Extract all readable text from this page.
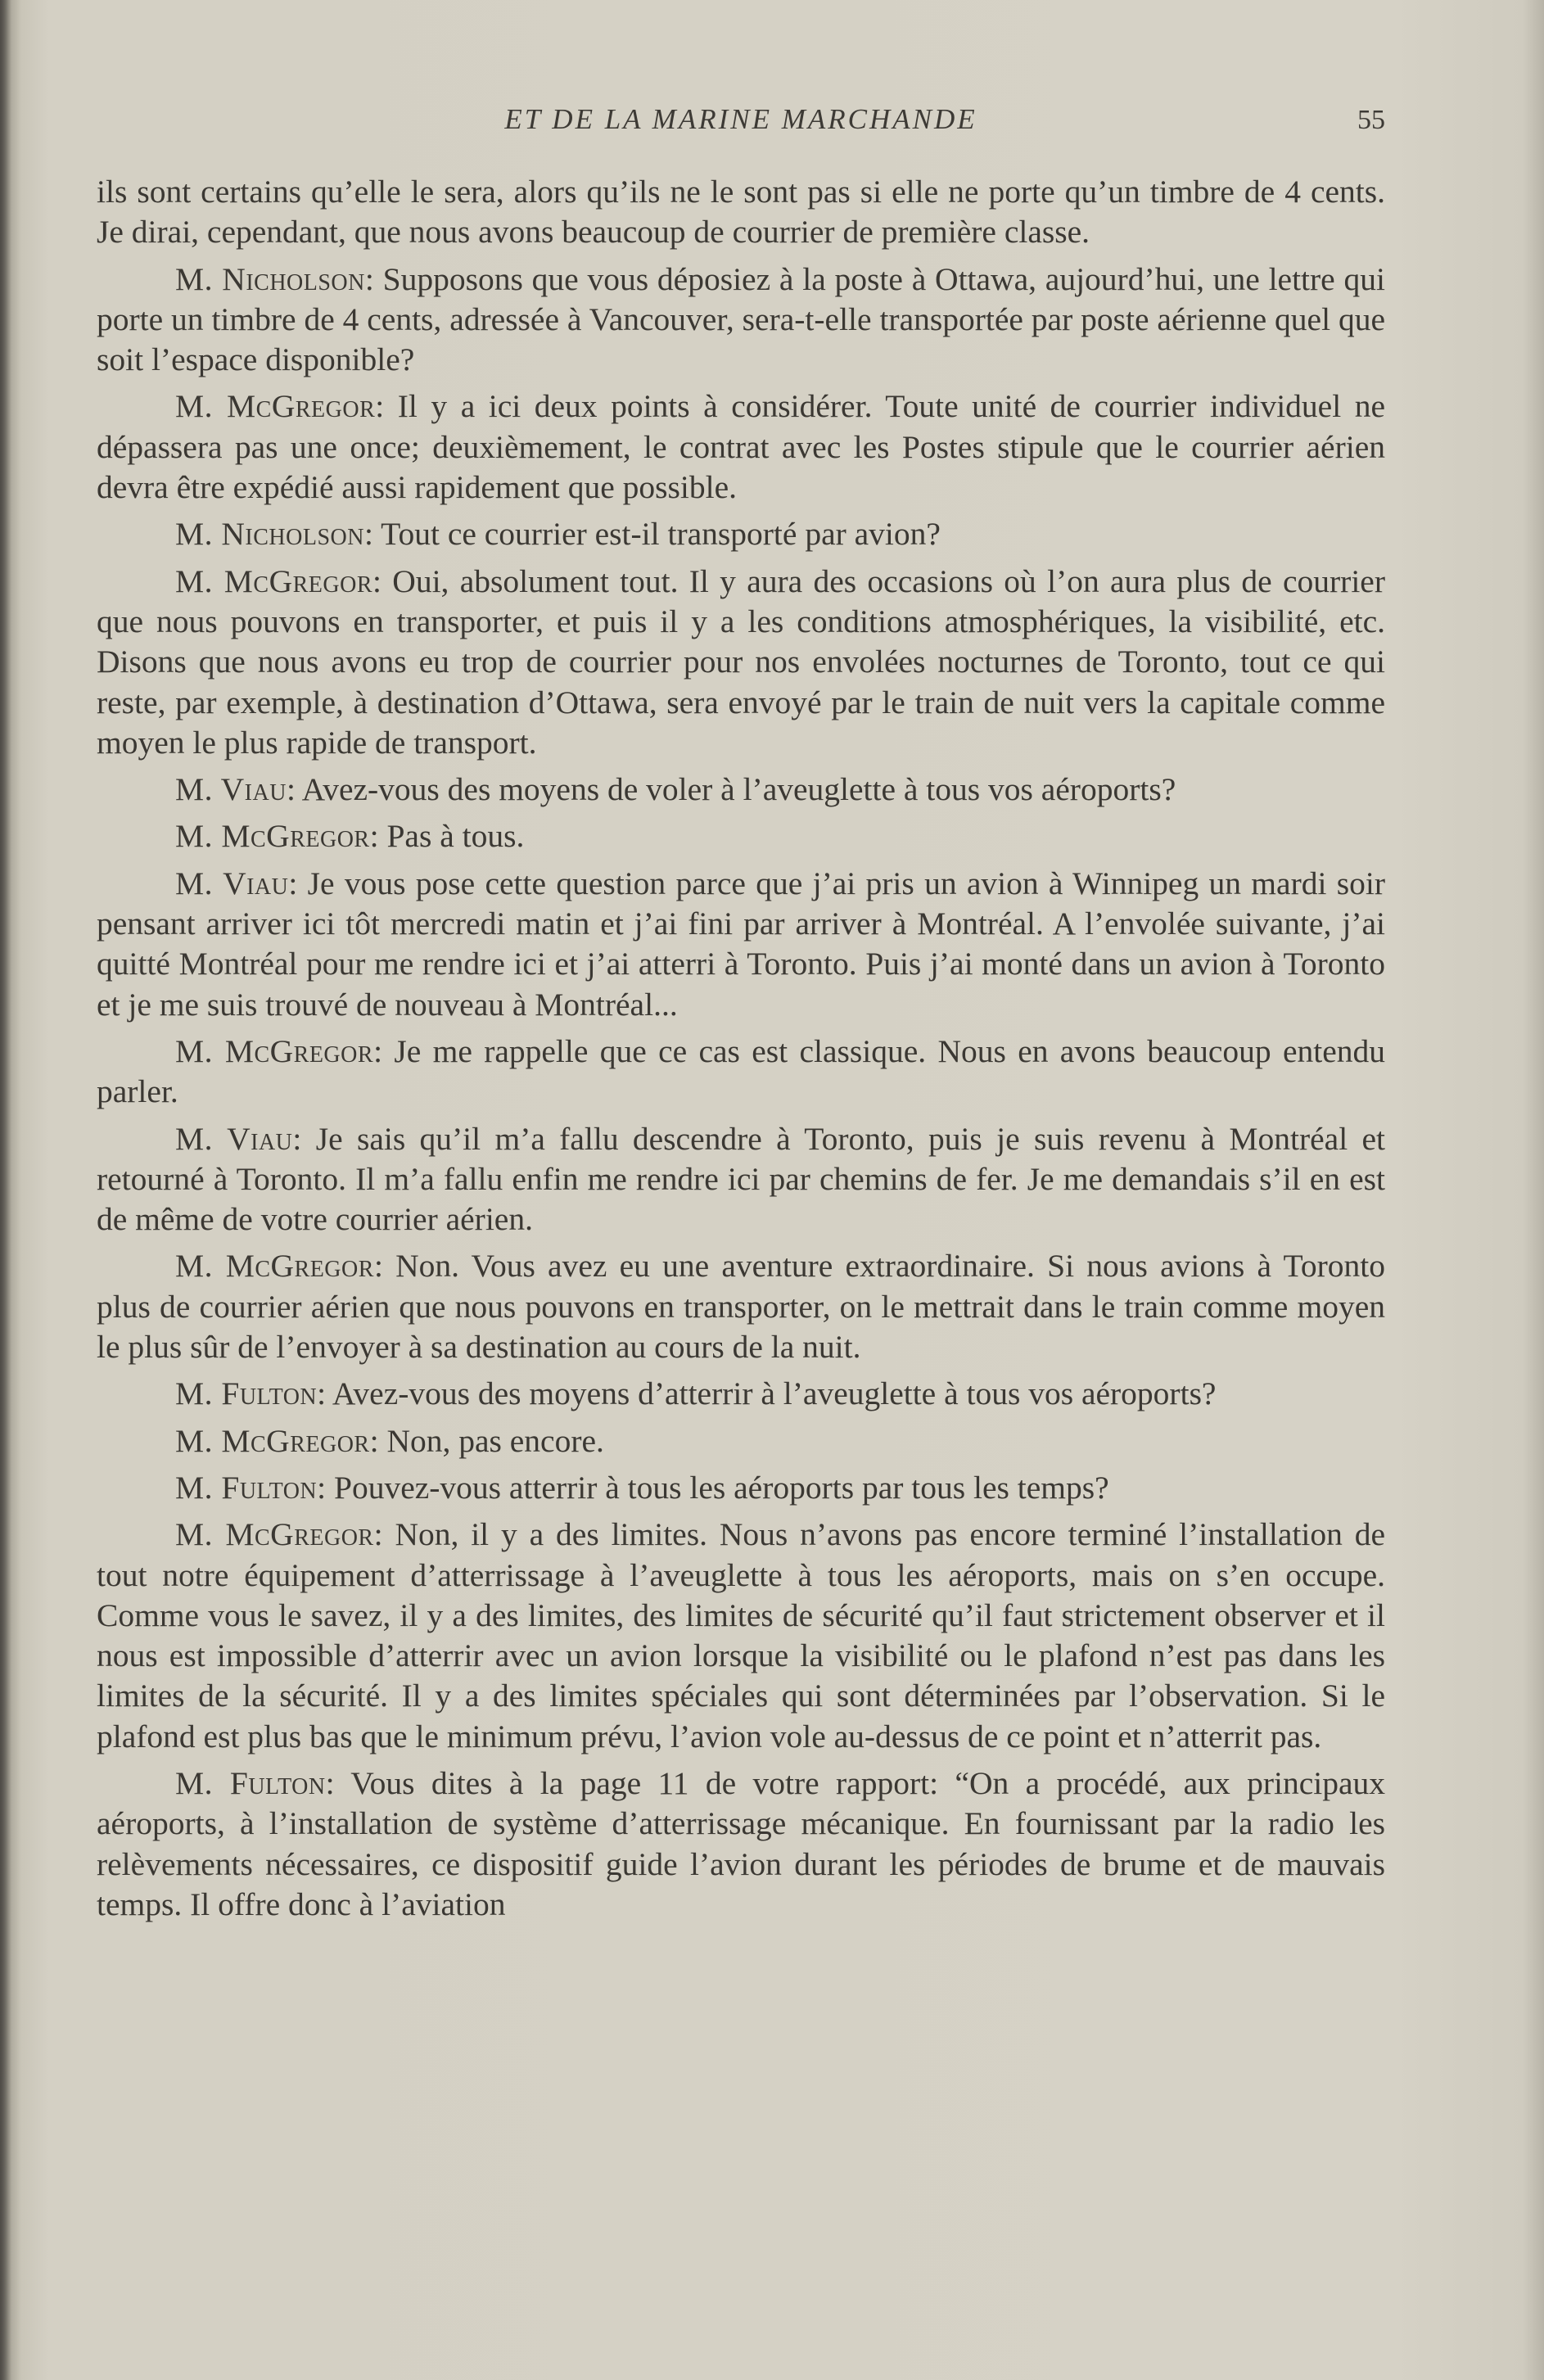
ET DE LA MARINE MARCHANDE	55

ils sont certains qu’elle le sera, alors qu’ils ne le sont pas si elle ne porte qu’un timbre de 4 cents. Je dirai, cependant, que nous avons beaucoup de courrier de première classe.

M. Nicholson: Supposons que vous déposiez à la poste à Ottawa, aujourd’hui, une lettre qui porte un timbre de 4 cents, adressée à Vancouver, sera-t-elle transportée par poste aérienne quel que soit l’espace disponible?

M. McGregor: Il y a ici deux points à considérer. Toute unité de courrier individuel ne dépassera pas une once; deuxièmement, le contrat avec les Postes stipule que le courrier aérien devra être expédié aussi rapidement que possible.

M. Nicholson: Tout ce courrier est-il transporté par avion?

M. McGregor: Oui, absolument tout. Il y aura des occasions où l’on aura plus de courrier que nous pouvons en transporter, et puis il y a les conditions atmosphériques, la visibilité, etc. Disons que nous avons eu trop de courrier pour nos envolées nocturnes de Toronto, tout ce qui reste, par exemple, à destination d’Ottawa, sera envoyé par le train de nuit vers la capitale comme moyen le plus rapide de transport.

M. Viau: Avez-vous des moyens de voler à l’aveuglette à tous vos aéroports?

M. McGregor: Pas à tous.

M. Viau: Je vous pose cette question parce que j’ai pris un avion à Winnipeg un mardi soir pensant arriver ici tôt mercredi matin et j’ai fini par arriver à Montréal. A l’envolée suivante, j’ai quitté Montréal pour me rendre ici et j’ai atterri à Toronto. Puis j’ai monté dans un avion à Toronto et je me suis trouvé de nouveau à Montréal...

M. McGregor: Je me rappelle que ce cas est classique. Nous en avons beaucoup entendu parler.

M. Viau: Je sais qu’il m’a fallu descendre à Toronto, puis je suis revenu à Montréal et retourné à Toronto. Il m’a fallu enfin me rendre ici par chemins de fer. Je me demandais s’il en est de même de votre courrier aérien.

M. McGregor: Non. Vous avez eu une aventure extraordinaire. Si nous avions à Toronto plus de courrier aérien que nous pouvons en transporter, on le mettrait dans le train comme moyen le plus sûr de l’envoyer à sa destination au cours de la nuit.

M. Fulton: Avez-vous des moyens d’atterrir à l’aveuglette à tous vos aéroports?

M. McGregor: Non, pas encore.

M. Fulton: Pouvez-vous atterrir à tous les aéroports par tous les temps?

M. McGregor: Non, il y a des limites. Nous n’avons pas encore terminé l’installation de tout notre équipement d’atterrissage à l’aveuglette à tous les aéroports, mais on s’en occupe. Comme vous le savez, il y a des limites, des limites de sécurité qu’il faut strictement observer et il nous est impossible d’atterrir avec un avion lorsque la visibilité ou le plafond n’est pas dans les limites de la sécurité. Il y a des limites spéciales qui sont déterminées par l’observation. Si le plafond est plus bas que le minimum prévu, l’avion vole au-dessus de ce point et n’atterrit pas.

M. Fulton: Vous dites à la page 11 de votre rapport: “On a procédé, aux principaux aéroports, à l’installation de système d’atterrissage mécanique. En fournissant par la radio les relèvements nécessaires, ce dispositif guide l’avion durant les périodes de brume et de mauvais temps. Il offre donc à l’aviation
